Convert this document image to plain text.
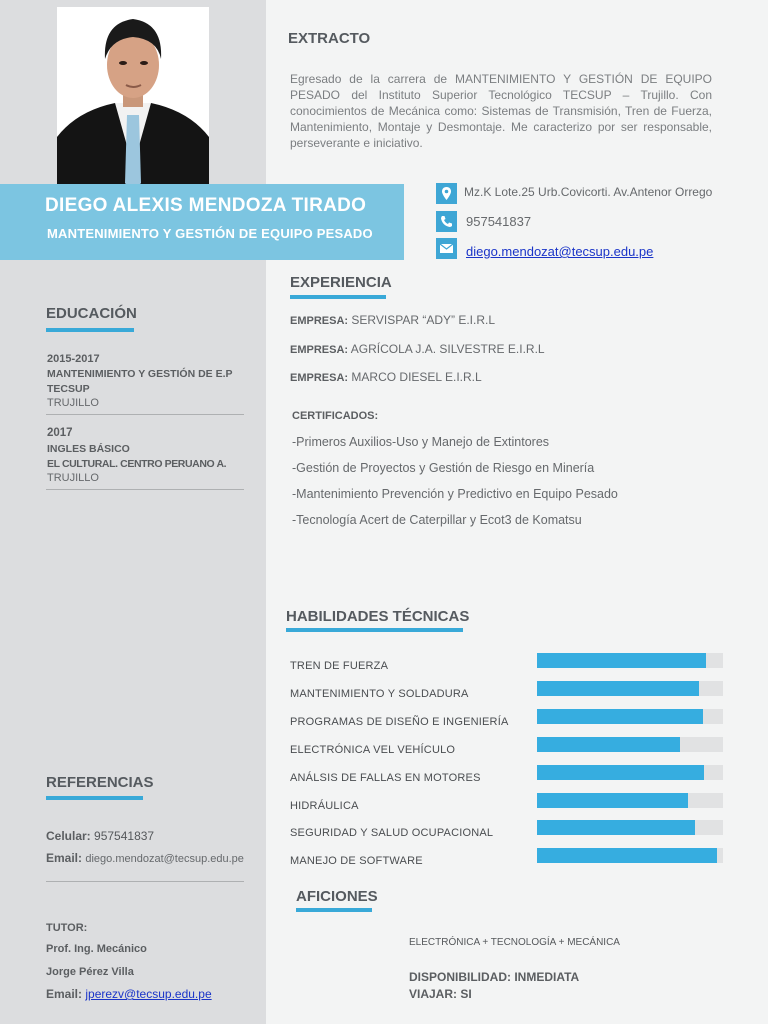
DIEGO ALEXIS MENDOZA TIRADO
MANTENIMIENTO Y GESTIÓN DE EQUIPO PESADO
EXTRACTO
Egresado de la carrera de MANTENIMIENTO Y GESTIÓN DE EQUIPO PESADO del Instituto Superior Tecnológico TECSUP – Trujillo. Con conocimientos de Mecánica como: Sistemas de Transmisión, Tren de Fuerza, Mantenimiento, Montaje y Desmontaje. Me caracterizo por ser responsable, perseverante e iniciativo.
Mz.K Lote.25 Urb.Covicorti. Av.Antenor Orrego
957541837
diego.mendozat@tecsup.edu.pe
EXPERIENCIA
EMPRESA: SERVISPAR “ADY” E.I.R.L
EMPRESA: AGRÍCOLA J.A. SILVESTRE E.I.R.L
EMPRESA: MARCO DIESEL E.I.R.L
CERTIFICADOS:
-Primeros Auxilios-Uso y Manejo de Extintores
-Gestión de Proyectos y Gestión de Riesgo en Minería
-Mantenimiento Prevención y Predictivo en Equipo Pesado
-Tecnología Acert de Caterpillar y Ecot3 de Komatsu
EDUCACIÓN
2015-2017
MANTENIMIENTO Y GESTIÓN DE E.P
TECSUP
TRUJILLO
2017
INGLES BÁSICO
EL CULTURAL. CENTRO PERUANO A.
TRUJILLO
HABILIDADES TÉCNICAS
TREN DE FUERZA
MANTENIMIENTO Y SOLDADURA
PROGRAMAS DE DISEÑO E INGENIERÍA
ELECTRÓNICA VEL VEHÍCULO
ANÁLSIS DE FALLAS EN MOTORES
HIDRÁULICA
SEGURIDAD Y SALUD OCUPACIONAL
MANEJO DE SOFTWARE
REFERENCIAS
Celular: 957541837
Email: diego.mendozat@tecsup.edu.pe
TUTOR:
Prof. Ing. Mecánico
Jorge Pérez Villa
Email: jperezv@tecsup.edu.pe
AFICIONES
ELECTRÓNICA + TECNOLOGÍA + MECÁNICA
DISPONIBILIDAD: INMEDIATA
VIAJAR: SI
